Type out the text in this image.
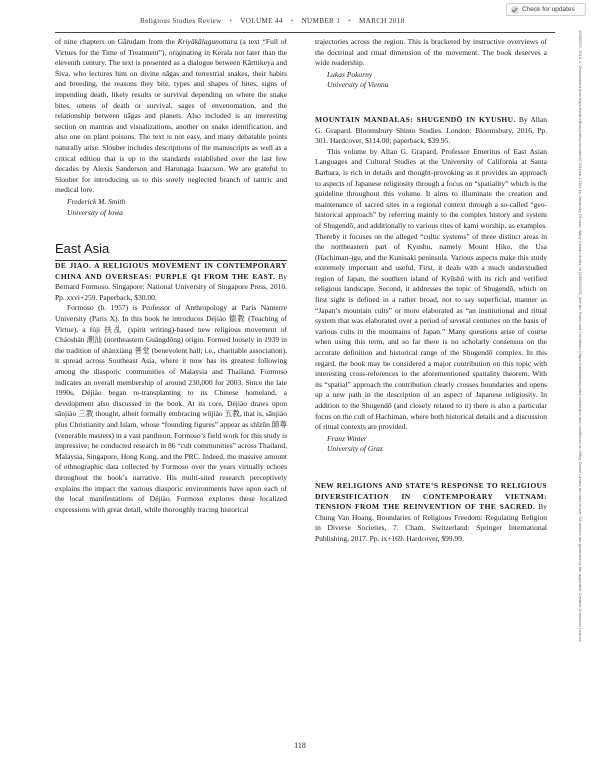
Religious Studies Review • VOLUME 44 • NUMBER 1 • MARCH 2018
Check for updates

of nine chapters on Gāruḍam from the Kriyākālaguṇottara (a text “Full of Virtues for the Time of Treatment”), originating in Kerala not later than the eleventh century. The text is presented as a dialogue between Kārttikeya and Śiva, who lectures him on divine nāgas and terrestrial snakes, their habits and breeding, the reasons they bite, types and shapes of bites, signs of impending death, likely results or survival depending on where the snake bites, omens of death or survival, sages of envenomation, and the relationship between nāgas and planets. Also included is an interesting section on mantras and visualizations, another on snake identification, and also one on plant poisons. The text is not easy, and many debatable points naturally arise. Slouber includes descriptions of the manuscripts as well as a critical edition that is up to the standards established over the last few decades by Alexis Sanderson and Harunaga Isaacson. We are grateful to Slouber for introducing us to this sorely neglected branch of tantric and medical lore.

Frederick M. Smith
University of Iowa
East Asia

DE JIAO. A RELIGIOUS MOVEMENT IN CONTEMPORARY CHINA AND OVERSEAS: PURPLE QI FROM THE EAST. By Bernard Formoso. Singapore: National University of Singapore Press, 2010. Pp. xxvi+259. Paperback, $30.00.

Formoso (b. 1957) is Professor of Anthropology at Paris Nanterre University (Paris X). In this book he introduces Déjiào 德教 (Teaching of Virtue), a fúji 扶乩 (spirit writing)-based new religious movement of Cháoshàn 潮汕 (northeastern Guǎngdōng) origin. Formed loosely in 1939 in the tradition of shànxiàng 善堂 (benevolent hall; i.e., charitable association), it spread across Southeast Asia, where it now has its greatest following among the diasporic communities of Malaysia and Thailand. Formoso indicates an overall membership of around 230,000 for 2003. Since the late 1990s, Déjiào began re-transplanting to its Chinese homeland, a development also discussed in the book. At its core, Déjiào draws upon sānjiào 三教 thought, albeit formally embracing wǔjiào 五教, that is, sānjiào plus Christianity and Islam, whose “founding figures” appear as shīzūn 師尊 (venerable masters) in a vast pantheon. Formoso’s field work for this study is impressive; he conducted research in 86 “cult communities” across Thailand, Malaysia, Singapore, Hong Kong, and the PRC. Indeed, the massive amount of ethnographic data collected by Formoso over the years virtually echoes throughout the book’s narrative. His multi-sited research perceptively explains the impact the various diasporic environments have upon each of the local manifestations of Déjiào. Formoso explores these localized expressions with great detail, while thoroughly tracing historical

trajectories across the region. This is bracketed by instructive overviews of the doctrinal and ritual dimension of the movement. The book deserves a wide readership.

Lukas Pokorny
University of Vienna

MOUNTAIN MANDALAS: SHUGENDŌ IN KYUSHU. By Allan G. Grapard. Bloomsbury Shinto Studies. London: Bloomsbury, 2016, Pp. 301. Hardcover, $114.00; paperback, $39.95.

This volume by Allan G. Grapard, Professor Emeritus of East Asian Languages and Cultural Studies at the University of California at Santa Barbara, is rich in details and thought-provoking as it provides an approach to aspects of Japanese religiosity through a focus on “spatiality” which is the guideline throughout this volume. It aims to illuminate the creation and maintenance of sacred sites in a regional context through a so-called “geo-historical approach” by referring mainly to the complex history and system of Shugendō, and additionally to various rites of kami worship, as examples. Thereby it focuses on the alleged “cultic systems” of three distinct areas in the northeastern part of Kyushu, namely Mount Hiko, the Usa (Hachiman-)gu, and the Kunisaki peninsula. Various aspects make this study extremely important and useful. First, it deals with a much understudied region of Japan, the southern island of Kyūshū with its rich and verified religious landscape. Second, it addresses the topic of Shugendō, which on first sight is defined in a rather broad, not to say superficial, manner as “Japan’s mountain cults” or more elaborated as “an institutional and ritual system that was elaborated over a period of several centuries on the basis of various cults in the mountains of Japan.” Many questions arise of course when using this term, and so far there is no scholarly consensus on the accurate definition and historical range of the Shugendō complex. In this regard, the book may be considered a major contribution on this topic with interesting cross-references to the aforementioned spatiality theorem. With its “spatial” approach the contribution clearly crosses boundaries and opens up a new path in the description of an aspect of Japanese religiosity. In addition to the Shugendō (and closely related to it) there is also a particular focus on the cult of Hachiman, where both historical details and a discussion of ritual contexts are provided.

Franz Winter
University of Graz

NEW RELIGIONS AND STATE’S RESPONSE TO RELIGIOUS DIVERSIFICATION IN CONTEMPORARY VIETNAM: TENSION FROM THE REINVENTION OF THE SACRED. By Chung Van Hoang. Boundaries of Religious Freedom: Regulating Religion in Diverse Societies, 7. Cham, Switzerland: Springer International Publishing, 2017. Pp. ix+169. Hardcover, $99.99.	15480922, 2018, 1, Downloaded from https://onlinelibrary.wiley.com/doi/10.1111/rsr.13301 by University Of Iowa, Wiley Online Library on [18/02/2023]. See the Terms and Conditions (https://onlinelibrary.wiley.com/terms-and-conditions) on Wiley Online Library for rules of use; OA articles are governed by the applicable Creative Commons License
118
